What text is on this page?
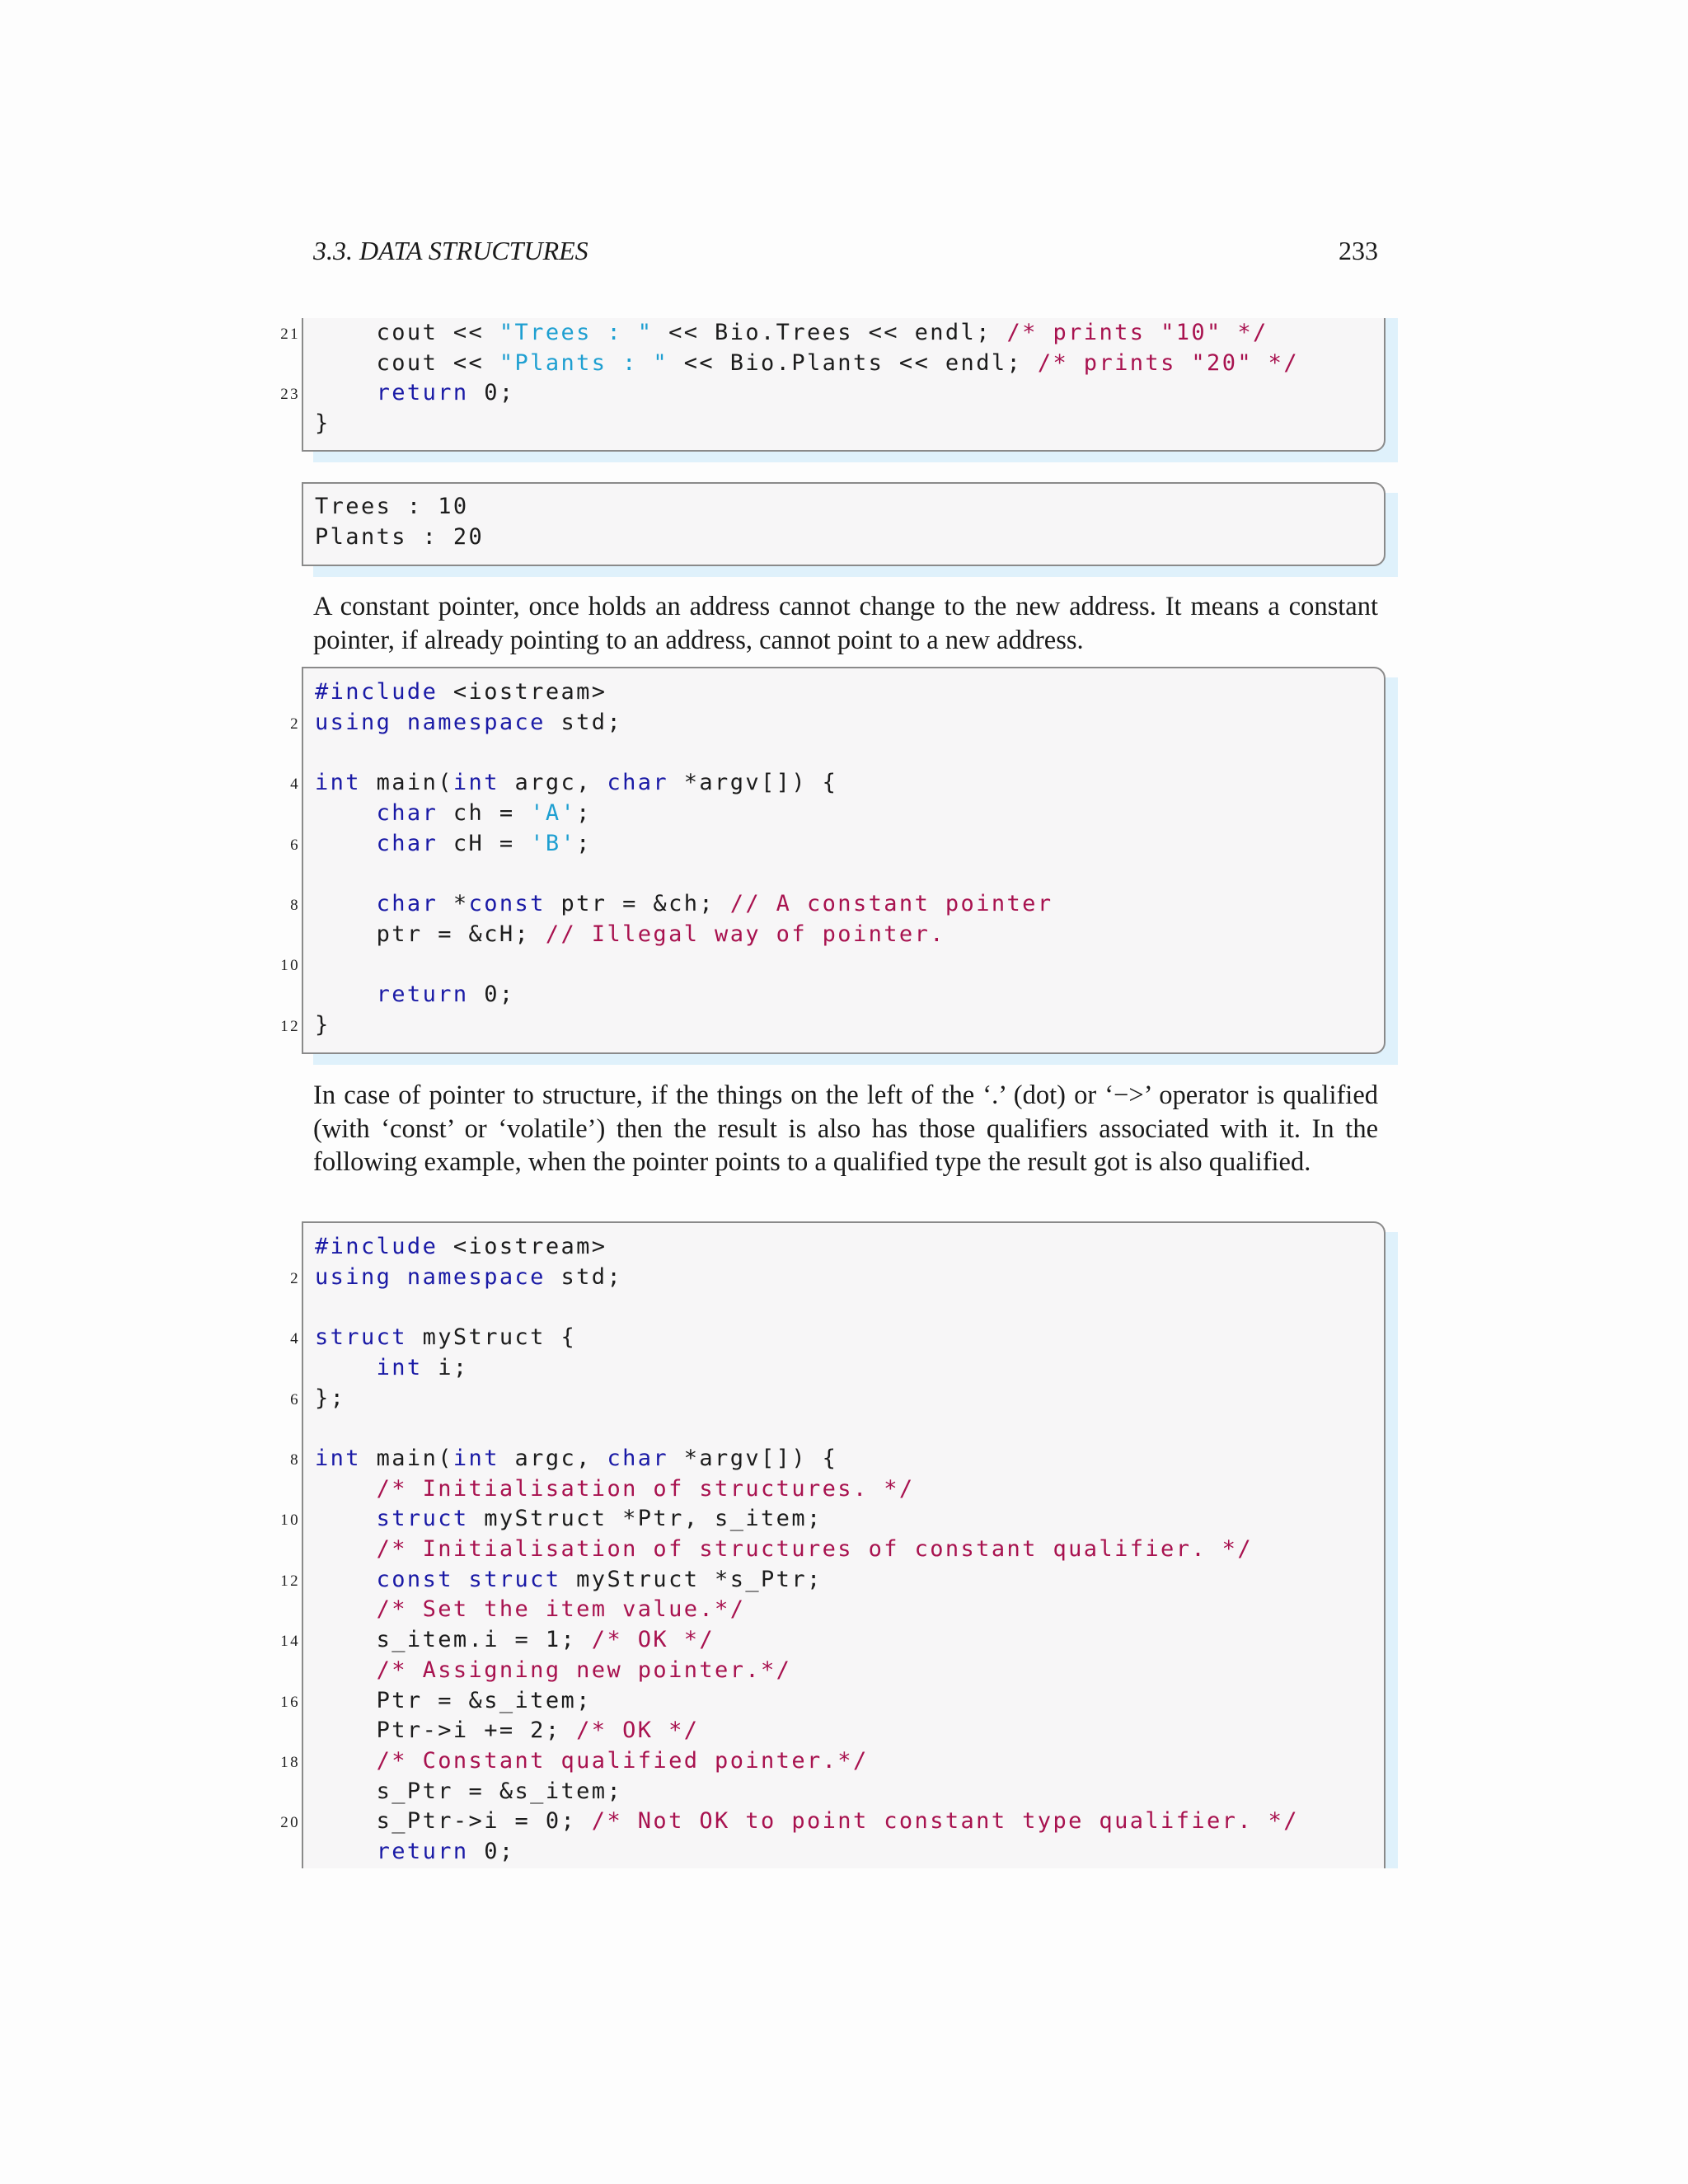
3.3. DATA STRUCTURES	233
21 cout << "Trees : " << Bio.Trees << endl; /* prints "10" */
cout << "Plants : " << Bio.Plants << endl; /* prints "20" */
23	return 0;
}
Trees : 10
Plants : 20
A constant pointer, once holds an address cannot change to the new address. It means a constant pointer, if already pointing to an address, cannot point to a new address.
#include <iostream>
2 using namespace std;
4 int main(int argc, char *argv[]) {
char ch = 'A';
6	char cH = 'B';
8	char *const ptr = &ch; // A constant pointer
ptr = &cH; // Illegal way of pointer.
10
return 0;
12 }
In case of pointer to structure, if the things on the left of the ‘.’ (dot) or ‘−>’ operator is qualified (with ‘const’ or ‘volatile’) then the result is also has those qualifiers associated with it. In the following example, when the pointer points to a qualified type the result got is also qualified.
#include <iostream>
2 using namespace std;
4 struct myStruct {
int i;
6 };
8 int main(int argc, char *argv[]) {
/* Initialisation of structures. */
10	struct myStruct *Ptr, s_item;
/* Initialisation of structures of constant qualifier. */
12	const struct myStruct *s_Ptr;
/* Set the item value.*/
14 s_item.i = 1; /* OK */
/* Assigning new pointer.*/
16 Ptr = &s_item;
Ptr->i += 2; /* OK */
18	/* Constant qualified pointer.*/
s_Ptr = &s_item;
20 s_Ptr->i = 0; /* Not OK to point constant type qualifier. */
return 0;
